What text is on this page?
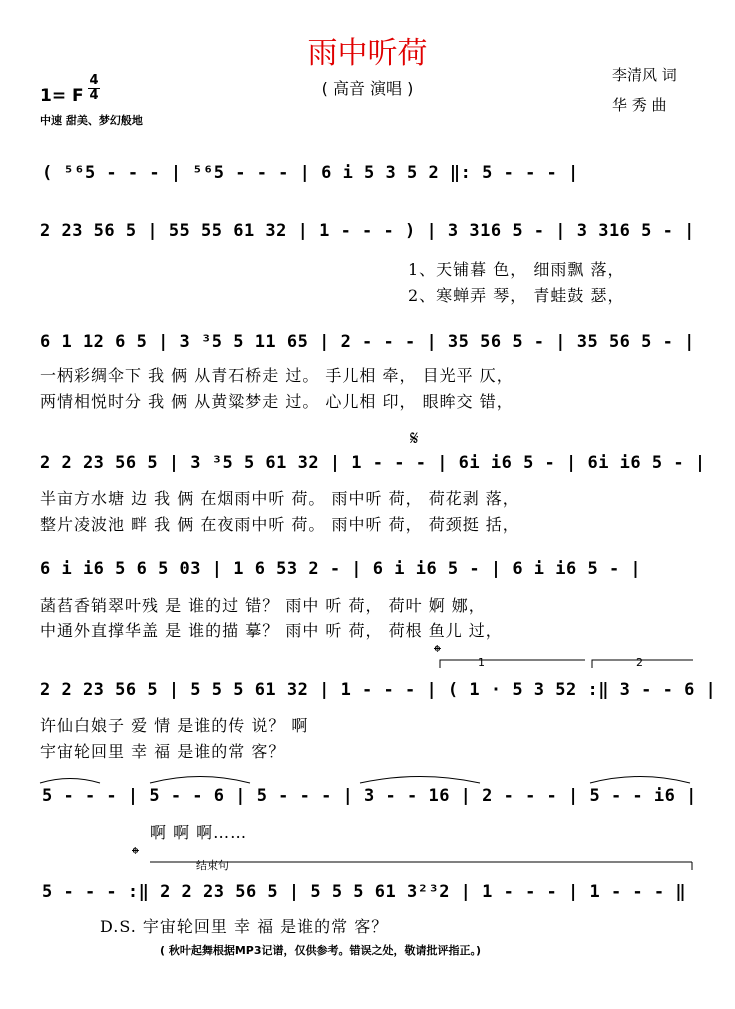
雨中听荷
( 高音 演唱 )
1= F
4
4
中速 甜美、梦幻般地
李清风 词
华 秀 曲
( ⁵⁶5 - - - | ⁵⁶5 - - - | 6 i 5 3 5 2 ‖: 5 - - - |
2 23 56 5 | 55 55 61 32 | 1 - - - ) | 3 316 5 - | 3 316 5 - |
1、天铺暮 色， 细雨飘 落，
2、寒蝉弄 琴， 青蛙鼓 瑟，
6 1 12 6 5 | 3 ³5 5 11 65 | 2 - - - | 35 56 5 - | 35 56 5 - |
一柄彩绸伞下 我 俩 从青石桥走 过。 手儿相 牵， 目光平 仄，
两情相悦时分 我 俩 从黄粱梦走 过。 心儿相 印， 眼眸交 错，
𝄋
2 2 23 56 5 | 3 ³5 5 61 32 | 1 - - - | 6i i6 5 - | 6i i6 5 - |
半亩方水塘 边 我 俩 在烟雨中听 荷。 雨中听 荷， 荷花剥 落，
整片凌波池 畔 我 俩 在夜雨中听 荷。 雨中听 荷， 荷颈挺 括，
6 i i6 5 6 5 03 | 1 6 53 2 - | 6 i i6 5 - | 6 i i6 5 - |
菡萏香销翠叶残 是 谁的过 错？ 雨中 听 荷， 荷叶 婀 娜，
中通外直撑华盖 是 谁的描 摹？ 雨中 听 荷， 荷根 鱼儿 过，
𝄌	1	2
2 2 23 56 5 | 5 5 5 61 32 | 1 - - - | ( 1 · 5 3 52 :‖ 3 - - 6 |
许仙白娘子 爱 情 是谁的传 说？ 啊
宇宙轮回里 幸 福 是谁的常 客？
5 - - - | 5 - - 6 | 5 - - - | 3 - - 16 | 2 - - - | 5 - - i6 |
啊 啊 啊……
𝄌	结束句
5 - - - :‖ 2 2 23 56 5 | 5 5 5 61 3²³2 | 1 - - - | 1 - - - ‖
D.S. 宇宙轮回里 幸 福 是谁的常 客？
( 秋叶起舞根据MP3记谱，仅供参考。错误之处，敬请批评指正。)
